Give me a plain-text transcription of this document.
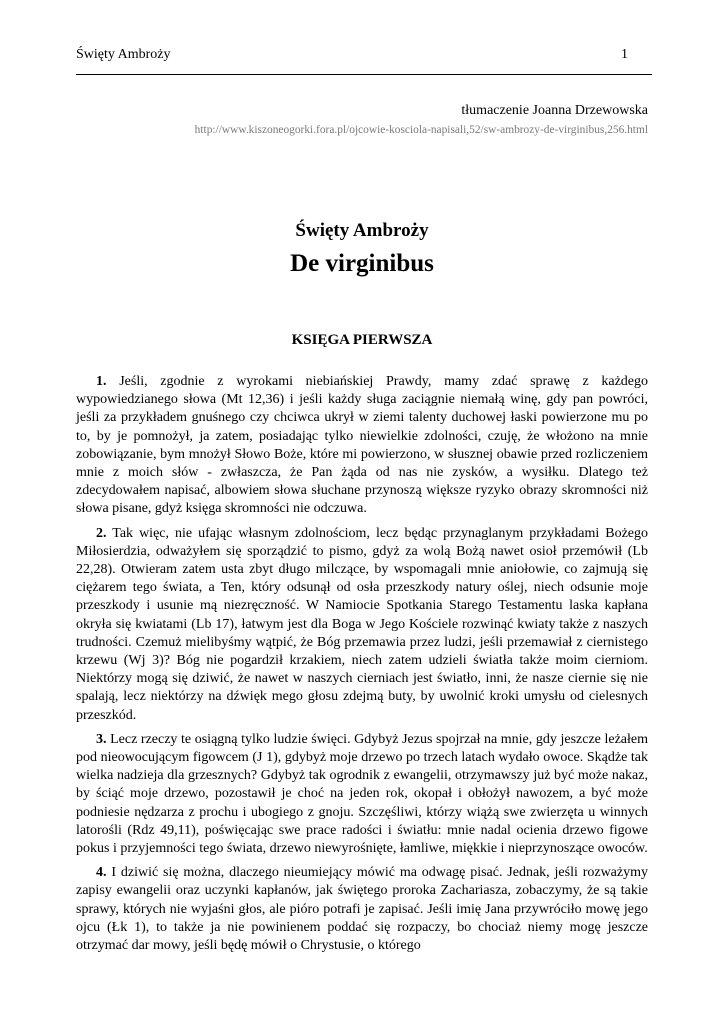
Święty Ambroży	1
tłumaczenie Joanna Drzewowska
http://www.kiszoneogorki.fora.pl/ojcowie-kosciola-napisali,52/sw-ambrozy-de-virginibus,256.html
Święty Ambroży
De virginibus
KSIĘGA PIERWSZA

1. Jeśli, zgodnie z wyrokami niebiańskiej Prawdy, mamy zdać sprawę z każdego wypowiedzianego słowa (Mt 12,36) i jeśli każdy sługa zaciągnie niemałą winę, gdy pan powróci, jeśli za przykładem gnuśnego czy chciwca ukrył w ziemi talenty duchowej łaski powierzone mu po to, by je pomnożył, ja zatem, posiadając tylko niewielkie zdolności, czuję, że włożono na mnie zobowiązanie, bym mnożył Słowo Boże, które mi powierzono, w słusznej obawie przed rozliczeniem mnie z moich słów - zwłaszcza, że Pan żąda od nas nie zysków, a wysiłku. Dlatego też zdecydowałem napisać, albowiem słowa słuchane przynoszą większe ryzyko obrazy skromności niż słowa pisane, gdyż księga skromności nie odczuwa.

2. Tak więc, nie ufając własnym zdolnościom, lecz będąc przynaglanym przykładami Bożego Miłosierdzia, odważyłem się sporządzić to pismo, gdyż za wolą Bożą nawet osioł przemówił (Lb 22,28). Otwieram zatem usta zbyt długo milczące, by wspomagali mnie aniołowie, co zajmują się ciężarem tego świata, a Ten, który odsunął od osła przeszkody natury oślej, niech odsunie moje przeszkody i usunie mą niezręczność. W Namiocie Spotkania Starego Testamentu laska kapłana okryła się kwiatami (Lb 17), łatwym jest dla Boga w Jego Kościele rozwinąć kwiaty także z naszych trudności. Czemuż mielibyśmy wątpić, że Bóg przemawia przez ludzi, jeśli przemawiał z ciernistego krzewu (Wj 3)? Bóg nie pogardził krzakiem, niech zatem udzieli światła także moim cierniom. Niektórzy mogą się dziwić, że nawet w naszych cierniach jest światło, inni, że nasze ciernie się nie spalają, lecz niektórzy na dźwięk mego głosu zdejmą buty, by uwolnić kroki umysłu od cielesnych przeszkód.

3. Lecz rzeczy te osiągną tylko ludzie święci. Gdybyż Jezus spojrzał na mnie, gdy jeszcze leżałem pod nieowocującym figowcem (J 1), gdybyż moje drzewo po trzech latach wydało owoce. Skądże tak wielka nadzieja dla grzesznych? Gdybyż tak ogrodnik z ewangelii, otrzymawszy już być może nakaz, by ściąć moje drzewo, pozostawił je choć na jeden rok, okopał i obłożył nawozem, a być może podniesie nędzarza z prochu i ubogiego z gnoju. Szczęśliwi, którzy wiążą swe zwierzęta u winnych latorośli (Rdz 49,11), poświęcając swe prace radości i światłu: mnie nadal ocienia drzewo figowe pokus i przyjemności tego świata, drzewo niewyrośnięte, łamliwe, miękkie i nieprzynoszące owoców.

4. I dziwić się można, dlaczego nieumiejący mówić ma odwagę pisać. Jednak, jeśli rozważymy zapisy ewangelii oraz uczynki kapłanów, jak świętego proroka Zachariasza, zobaczymy, że są takie sprawy, których nie wyjaśni głos, ale pióro potrafi je zapisać. Jeśli imię Jana przywróciło mowę jego ojcu (Łk 1), to także ja nie powinienem poddać się rozpaczy, bo chociaż niemy mogę jeszcze otrzymać dar mowy, jeśli będę mówił o Chrystusie, o którego
